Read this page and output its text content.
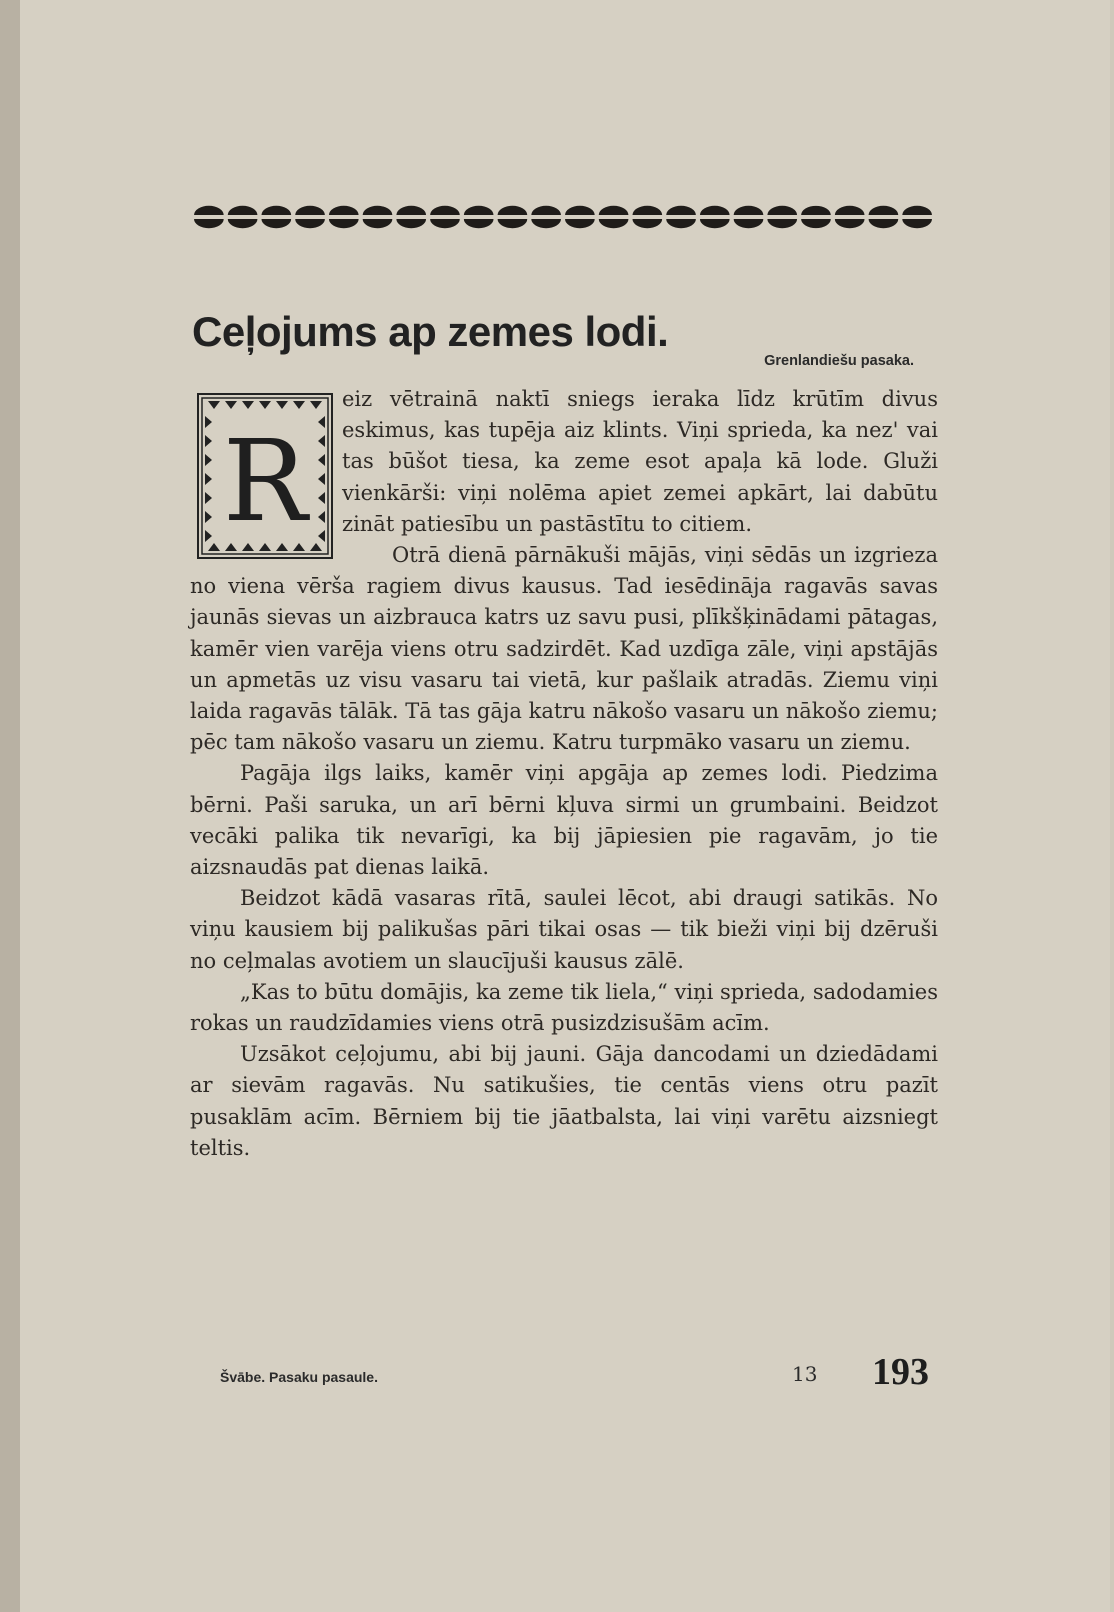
Ceļojums ap zemes lodi.
Grenlandiešu pasaka.
R

eiz vētrainā naktī sniegs ieraka līdz krūtīm divus eskimus, kas tupēja aiz klints. Viņi sprieda, ka nez' vai tas būšot tiesa, ka zeme esot apaļa kā lode. Gluži vienkārši: viņi nolēma apiet zemei apkārt, lai dabūtu zināt patiesību un pastāstītu to citiem.

Otrā dienā pārnākuši mājās, viņi sēdās un izgrieza no viena vērša ragiem divus kausus. Tad iesēdināja ragavās savas jaunās sievas un aizbrauca katrs uz savu pusi, plīkšķinādami pātagas, kamēr vien varēja viens otru sadzirdēt. Kad uzdīga zāle, viņi apstājās un apmetās uz visu vasaru tai vietā, kur pašlaik atradās. Ziemu viņi laida ragavās tālāk. Tā tas gāja katru nākošo vasaru un nākošo ziemu; pēc tam nākošo vasaru un ziemu. Katru turpmāko vasaru un ziemu.

Pagāja ilgs laiks, kamēr viņi apgāja ap zemes lodi. Piedzima bērni. Paši saruka, un arī bērni kļuva sirmi un grumbaini. Beidzot vecāki palika tik nevarīgi, ka bij jāpiesien pie ragavām, jo tie aizsnaudās pat dienas laikā.

Beidzot kādā vasaras rītā, saulei lēcot, abi draugi satikās. No viņu kausiem bij palikušas pāri tikai osas — tik bieži viņi bij dzēruši no ceļmalas avotiem un slaucījuši kausus zālē.

„Kas to būtu domājis, ka zeme tik liela,“ viņi sprieda, sadodamies rokas un raudzīdamies viens otrā pusizdzisušām acīm.

Uzsākot ceļojumu, abi bij jauni. Gāja dancodami un dziedādami ar sievām ragavās. Nu satikušies, tie centās viens otru pazīt pusaklām acīm. Bērniem bij tie jāatbalsta, lai viņi varētu aizsniegt teltis.

Švābe. Pasaku pasaule.	13 193
